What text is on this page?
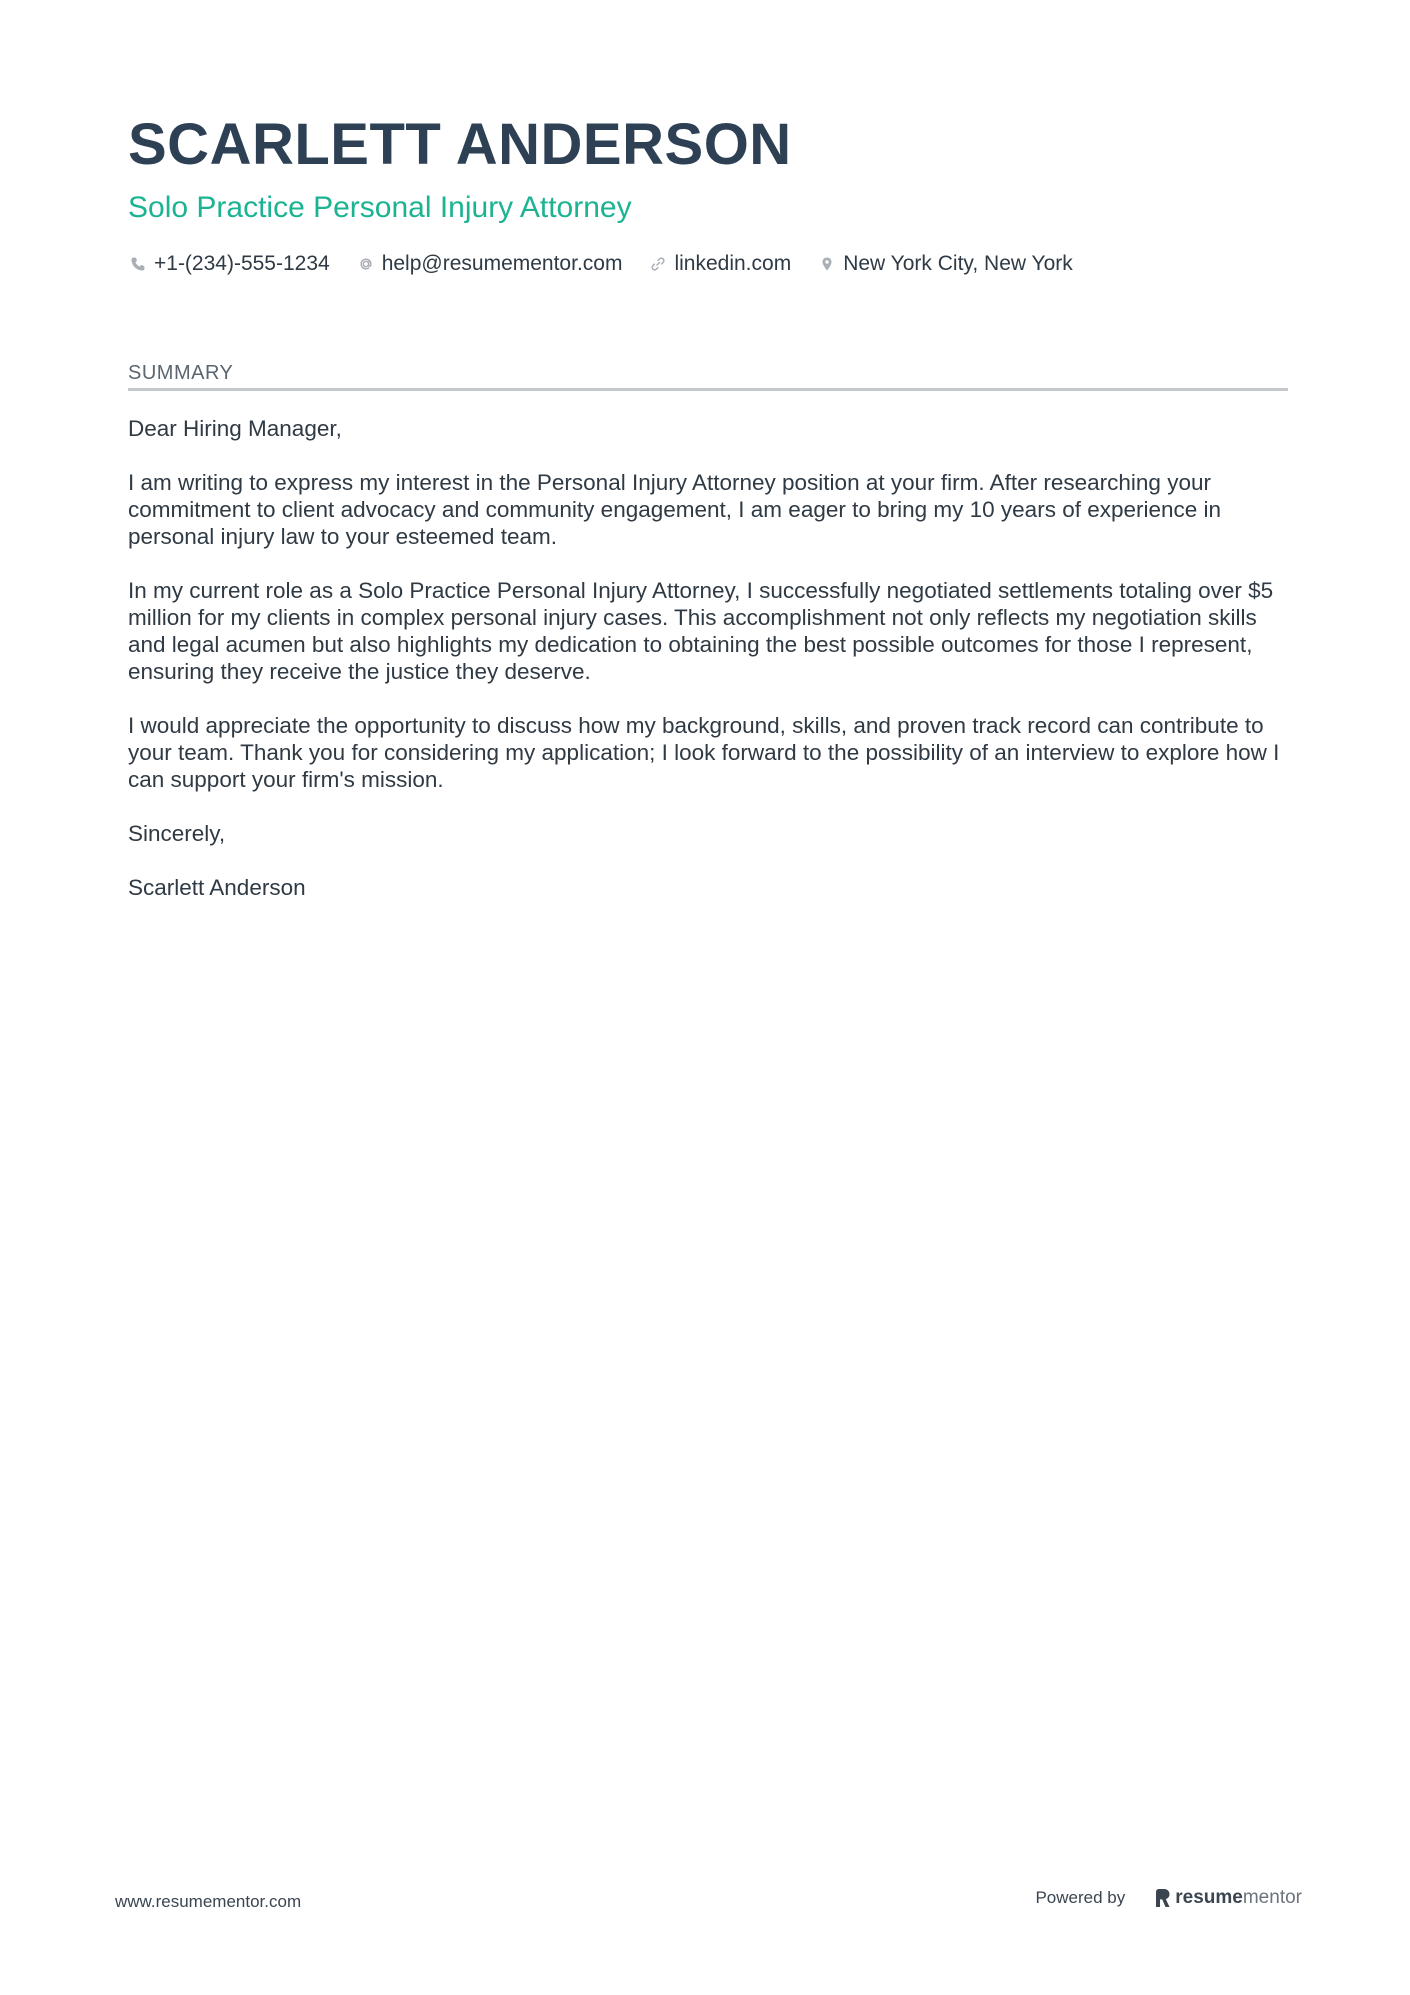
SCARLETT ANDERSON
Solo Practice Personal Injury Attorney
+1-(234)-555-1234 help@resumementor.com linkedin.com New York City, New York
SUMMARY

Dear Hiring Manager,

I am writing to express my interest in the Personal Injury Attorney position at your firm. After researching your commitment to client advocacy and community engagement, I am eager to bring my 10 years of experience in personal injury law to your esteemed team.

In my current role as a Solo Practice Personal Injury Attorney, I successfully negotiated settlements totaling over $5 million for my clients in complex personal injury cases. This accomplishment not only reflects my negotiation skills and legal acumen but also highlights my dedication to obtaining the best possible outcomes for those I represent, ensuring they receive the justice they deserve.

I would appreciate the opportunity to discuss how my background, skills, and proven track record can contribute to your team. Thank you for considering my application; I look forward to the possibility of an interview to explore how I can support your firm's mission.

Sincerely,

Scarlett Anderson

www.resumementor.com	Powered by	resume mentor
